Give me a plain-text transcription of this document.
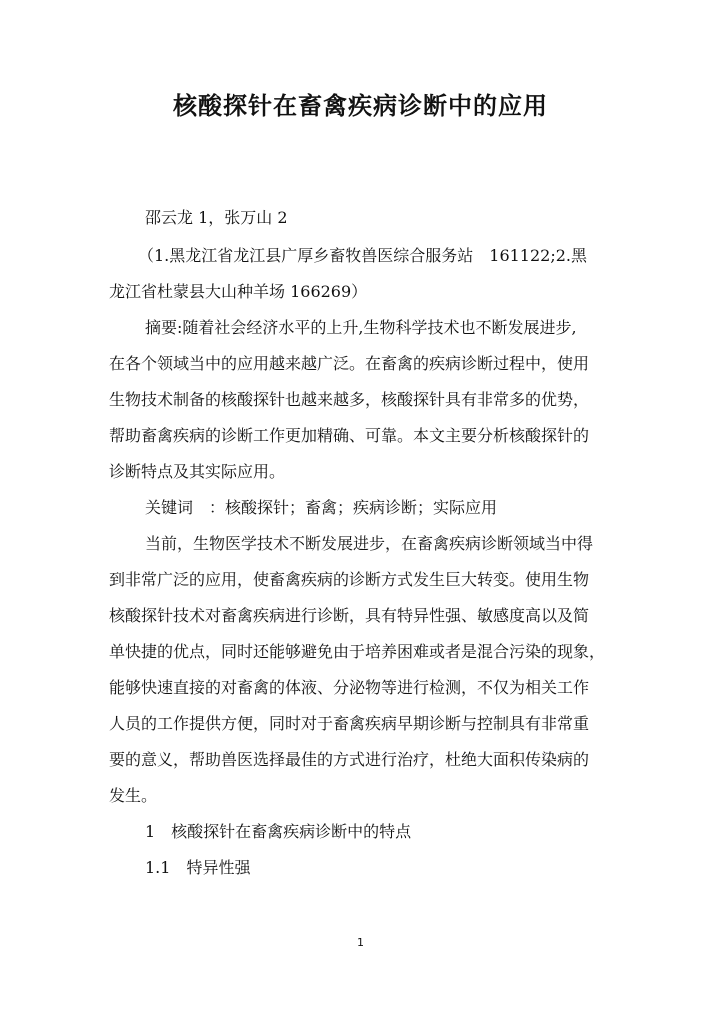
核酸探针在畜禽疾病诊断中的应用
邵云龙 1，张万山 2
（1.黑龙江省龙江县广厚乡畜牧兽医综合服务站　161122;2.黑
龙江省杜蒙县大山种羊场 166269）
摘要:随着社会经济水平的上升,生物科学技术也不断发展进步,
在各个领域当中的应用越来越广泛。在畜禽的疾病诊断过程中，使用
生物技术制备的核酸探针也越来越多，核酸探针具有非常多的优势，
帮助畜禽疾病的诊断工作更加精确、可靠。本文主要分析核酸探针的
诊断特点及其实际应用。
关键词　：核酸探针；畜禽；疾病诊断；实际应用
当前，生物医学技术不断发展进步，在畜禽疾病诊断领域当中得
到非常广泛的应用，使畜禽疾病的诊断方式发生巨大转变。使用生物
核酸探针技术对畜禽疾病进行诊断，具有特异性强、敏感度高以及简
单快捷的优点，同时还能够避免由于培养困难或者是混合污染的现象，
能够快速直接的对畜禽的体液、分泌物等进行检测，不仅为相关工作
人员的工作提供方便，同时对于畜禽疾病早期诊断与控制具有非常重
要的意义，帮助兽医选择最佳的方式进行治疗，杜绝大面积传染病的
发生。
1　核酸探针在畜禽疾病诊断中的特点
1.1　特异性强
1
